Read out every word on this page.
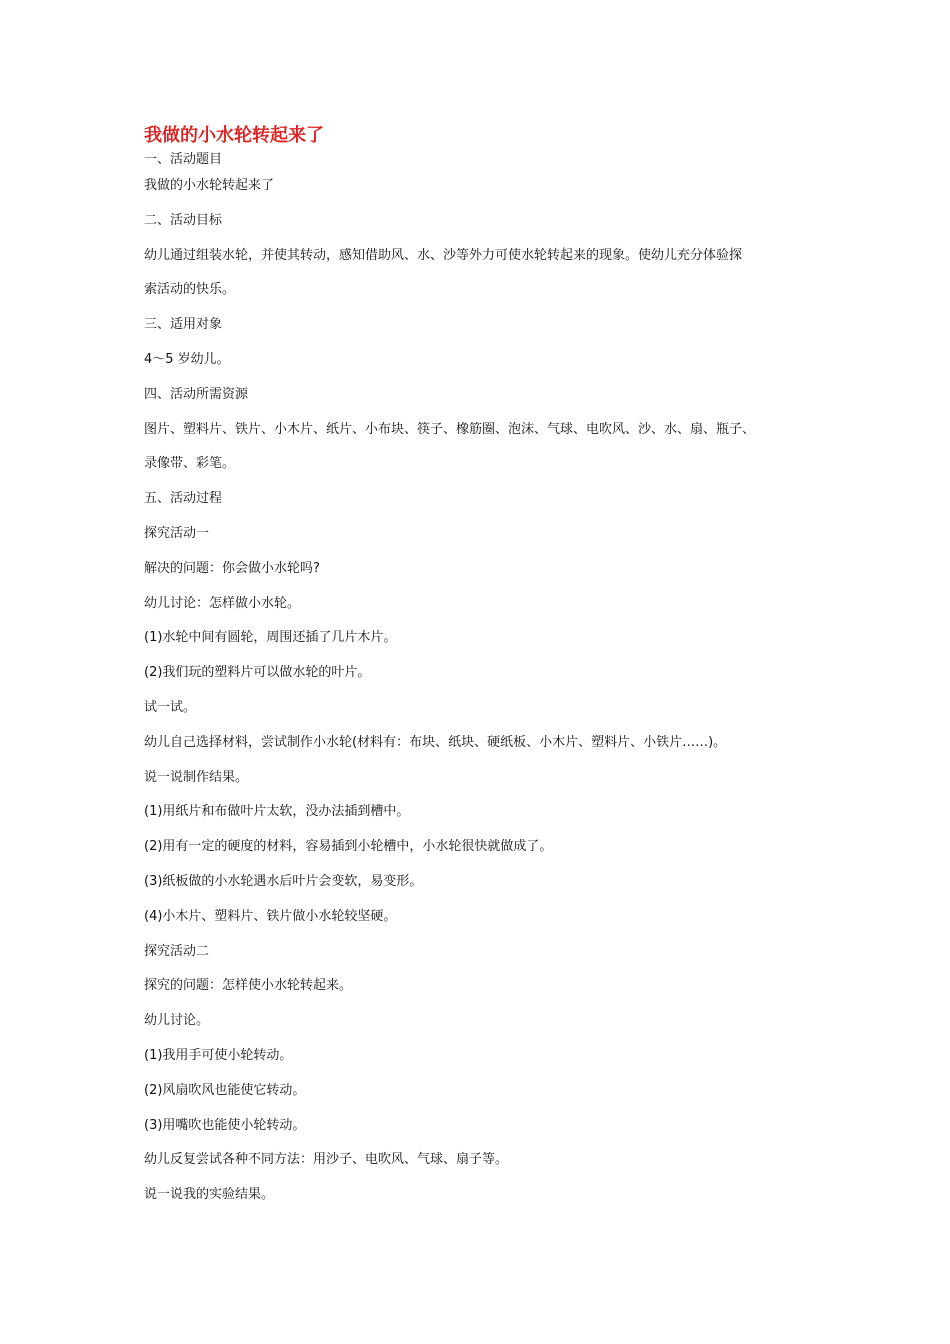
我做的小水轮转起来了

一、活动题目

我做的小水轮转起来了

二、活动目标

幼儿通过组装水轮，并使其转动，感知借助风、水、沙等外力可使水轮转起来的现象。使幼儿充分体验探

索活动的快乐。

三、适用对象

4～5 岁幼儿。

四、活动所需资源

图片、塑料片、铁片、小木片、纸片、小布块、筷子、橡筋圈、泡沫、气球、电吹风、沙、水、扇、瓶子、

录像带、彩笔。

五、活动过程

探究活动一

解决的问题：你会做小水轮吗?

幼儿讨论：怎样做小水轮。

(1)水轮中间有圆轮，周围还插了几片木片。

(2)我们玩的塑料片可以做水轮的叶片。

试一试。

幼儿自己选择材料，尝试制作小水轮(材料有：布块、纸块、硬纸板、小木片、塑料片、小铁片……)。

说一说制作结果。

(1)用纸片和布做叶片太软，没办法插到槽中。

(2)用有一定的硬度的材料，容易插到小轮槽中，小水轮很快就做成了。

(3)纸板做的小水轮遇水后叶片会变软，易变形。

(4)小木片、塑料片、铁片做小水轮较坚硬。

探究活动二

探究的问题：怎样使小水轮转起来。

幼儿讨论。

(1)我用手可使小轮转动。

(2)风扇吹风也能使它转动。

(3)用嘴吹也能使小轮转动。

幼儿反复尝试各种不同方法：用沙子、电吹风、气球、扇子等。

说一说我的实验结果。
